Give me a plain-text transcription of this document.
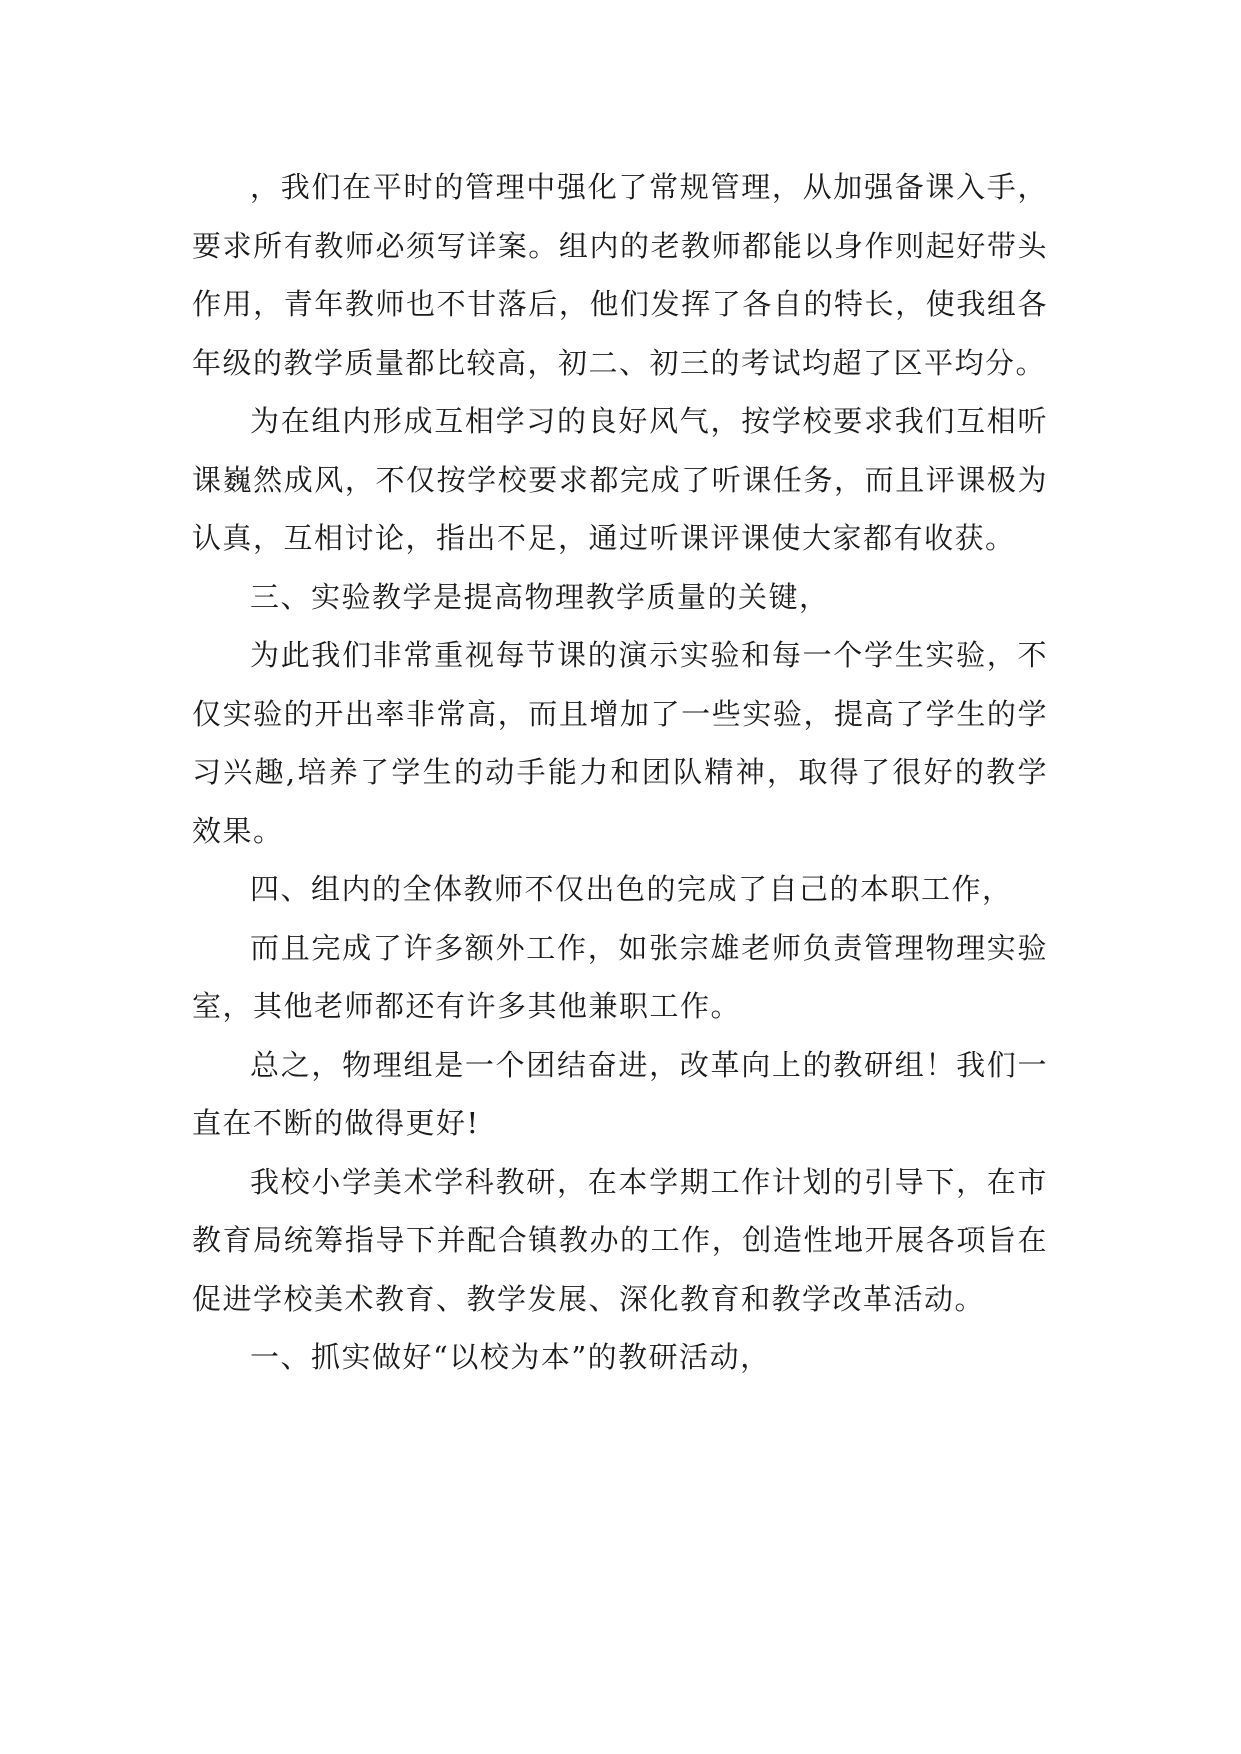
，我们在平时的管理中强化了常规管理，从加强备课入手，要求所有教师必须写详案。组内的老教师都能以身作则起好带头作用，青年教师也不甘落后，他们发挥了各自的特长，使我组各年级的教学质量都比较高，初二、初三的考试均超了区平均分。

为在组内形成互相学习的良好风气，按学校要求我们互相听课巍然成风，不仅按学校要求都完成了听课任务，而且评课极为认真，互相讨论，指出不足，通过听课评课使大家都有收获。

三、实验教学是提高物理教学质量的关键，

为此我们非常重视每节课的演示实验和每一个学生实验，不仅实验的开出率非常高，而且增加了一些实验，提高了学生的学习兴趣,培养了学生的动手能力和团队精神，取得了很好的教学效果。

四、组内的全体教师不仅出色的完成了自己的本职工作，

而且完成了许多额外工作，如张宗雄老师负责管理物理实验室，其他老师都还有许多其他兼职工作。

总之，物理组是一个团结奋进，改革向上的教研组！我们一直在不断的做得更好!

我校小学美术学科教研，在本学期工作计划的引导下，在市教育局统筹指导下并配合镇教办的工作，创造性地开展各项旨在促进学校美术教育、教学发展、深化教育和教学改革活动。

一、抓实做好“以校为本”的教研活动，
